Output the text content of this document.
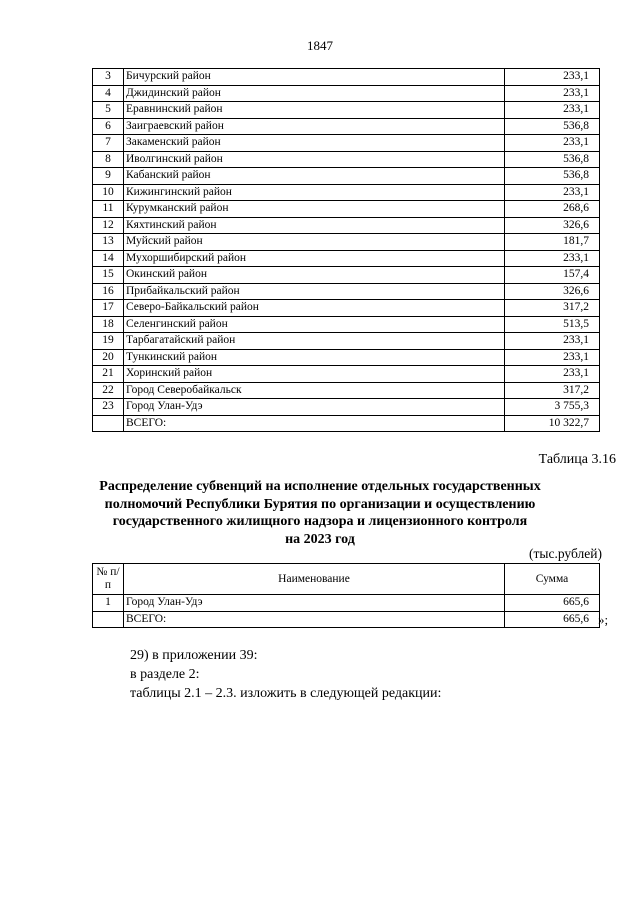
1847
3	Бичурский район	233,1
4	Джидинский район	233,1
5	Еравнинский район	233,1
6	Заиграевский район	536,8
7	Закаменский район	233,1
8	Иволгинский район	536,8
9	Кабанский район	536,8
10	Кижингинский район	233,1
11	Курумканский район	268,6
12	Кяхтинский район	326,6
13	Муйский район	181,7
14	Мухоршибирский район	233,1
15	Окинский район	157,4
16	Прибайкальский район	326,6
17	Северо-Байкальский район	317,2
18	Селенгинский район	513,5
19	Тарбагатайский район	233,1
20	Тункинский район	233,1
21	Хоринский район	233,1
22	Город Северобайкальск	317,2
23	Город Улан-Удэ	3 755,3
	ВСЕГО:	10 322,7
Таблица 3.16
Распределение субвенций на исполнение отдельных государственных
полномочий Республики Бурятия по организации и осуществлению
государственного жилищного надзора и лицензионного контроля
на 2023 год
(тыс.рублей)
№ п/п	Наименование	Сумма
1	Город Улан-Удэ	665,6
	ВСЕГО:	665,6 »;
29) в приложении 39:
в разделе 2:
таблицы 2.1 – 2.3. изложить в следующей редакции:
